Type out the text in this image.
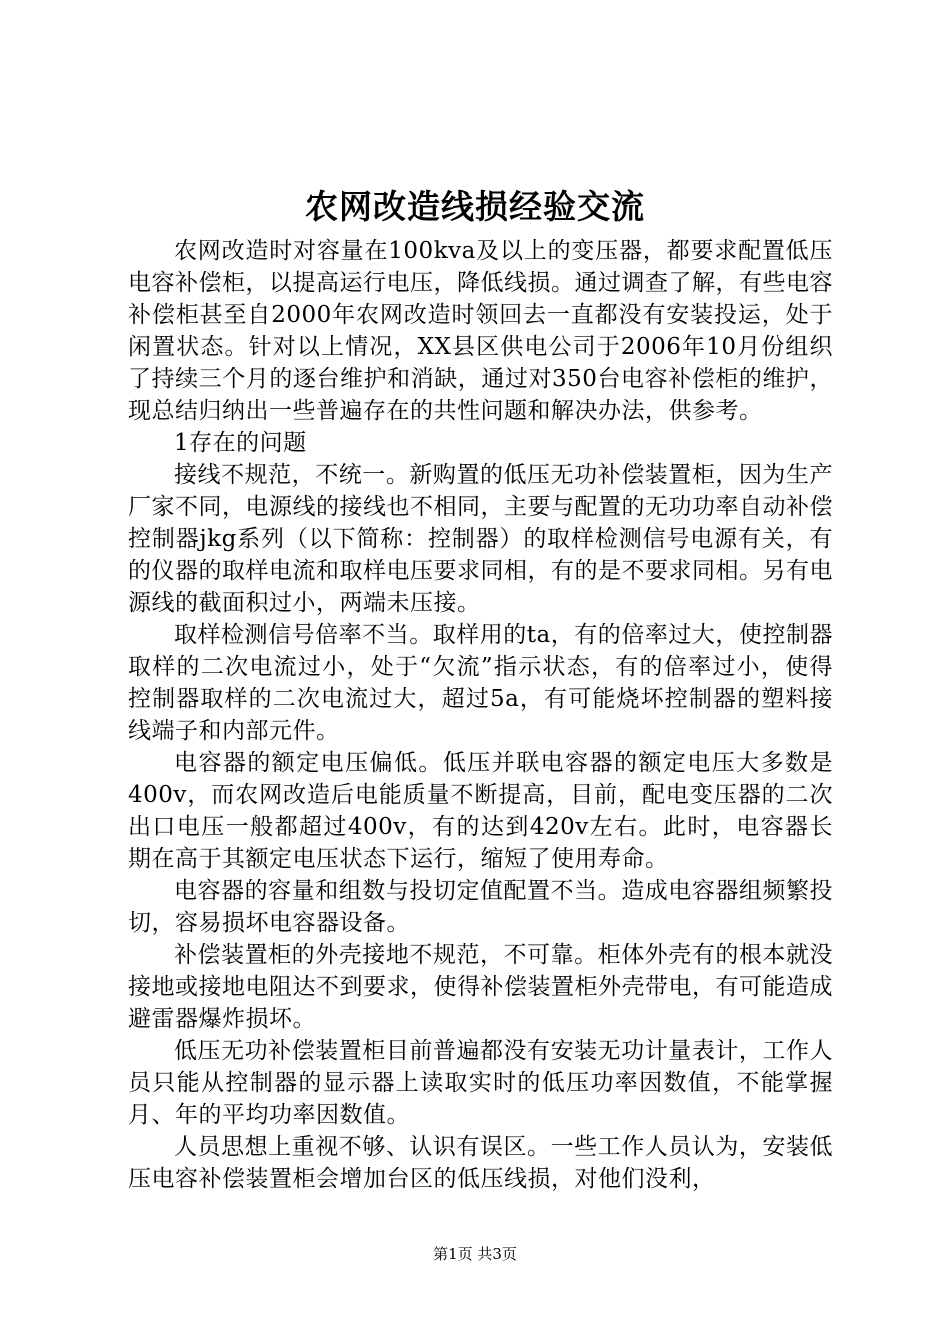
农网改造线损经验交流

农网改造时对容量在100kva及以上的变压器，都要求配置低压电容补偿柜，以提高运行电压，降低线损。通过调查了解，有些电容补偿柜甚至自2000年农网改造时领回去一直都没有安装投运，处于闲置状态。针对以上情况，XX县区供电公司于2006年10月份组织了持续三个月的逐台维护和消缺，通过对350台电容补偿柜的维护，现总结归纳出一些普遍存在的共性问题和解决办法，供参考。

1存在的问题

接线不规范，不统一。新购置的低压无功补偿装置柜，因为生产厂家不同，电源线的接线也不相同，主要与配置的无功功率自动补偿控制器jkg系列（以下简称：控制器）的取样检测信号电源有关，有的仪器的取样电流和取样电压要求同相，有的是不要求同相。另有电源线的截面积过小，两端未压接。

取样检测信号倍率不当。取样用的ta，有的倍率过大，使控制器取样的二次电流过小，处于“欠流”指示状态，有的倍率过小，使得控制器取样的二次电流过大，超过5a，有可能烧坏控制器的塑料接线端子和内部元件。

电容器的额定电压偏低。低压并联电容器的额定电压大多数是400v，而农网改造后电能质量不断提高，目前，配电变压器的二次出口电压一般都超过400v，有的达到420v左右。此时，电容器长期在高于其额定电压状态下运行，缩短了使用寿命。

电容器的容量和组数与投切定值配置不当。造成电容器组频繁投切，容易损坏电容器设备。

补偿装置柜的外壳接地不规范，不可靠。柜体外壳有的根本就没接地或接地电阻达不到要求，使得补偿装置柜外壳带电，有可能造成避雷器爆炸损坏。

低压无功补偿装置柜目前普遍都没有安装无功计量表计，工作人员只能从控制器的显示器上读取实时的低压功率因数值，不能掌握月、年的平均功率因数值。

人员思想上重视不够、认识有误区。一些工作人员认为，安装低压电容补偿装置柜会增加台区的低压线损，对他们没利，

第1页 共3页
